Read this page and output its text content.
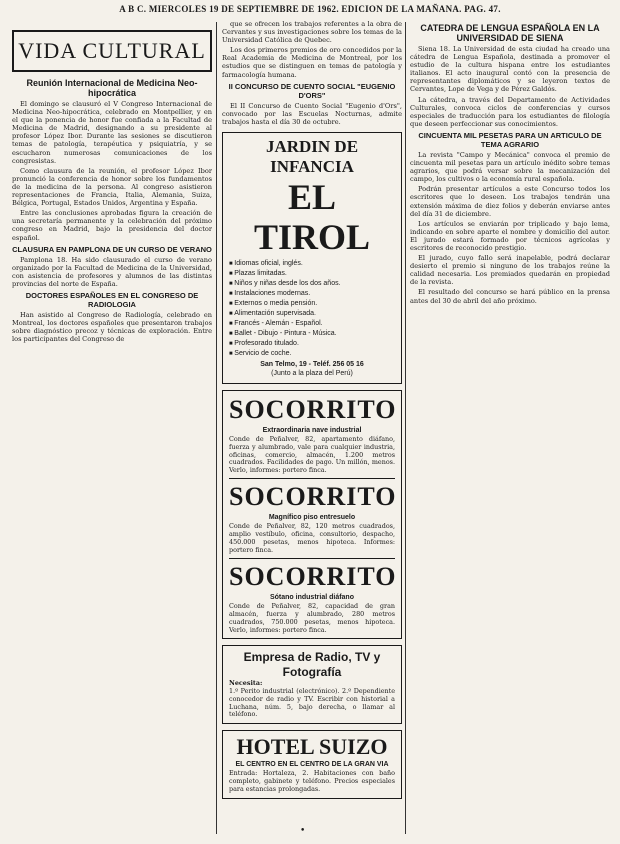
A B C. MIERCOLES 19 DE SEPTIEMBRE DE 1962. EDICION DE LA MAÑANA. PAG. 47.
VIDA CULTURAL
Reunión Internacional de Medicina Neo-hipocrática

El domingo se clausuró el V Congreso Internacional de Medicina Neo-hipocrática, celebrado en Montpellier, y en el que la ponencia de honor fue confiada a la Facultad de Medicina de Madrid, designando a su presidente al profesor López Ibor. Durante las sesiones se discutieron temas de patología, terapéutica y psiquiatría, y se escucharon numerosas comunicaciones de los congresistas.

Como clausura de la reunión, el profesor López Ibor pronunció la conferencia de honor sobre los fundamentos de la medicina de la persona. Al congreso asistieron representaciones de Francia, Italia, Alemania, Suiza, Bélgica, Portugal, Estados Unidos, Argentina y España.

Entre las conclusiones aprobadas figura la creación de una secretaría permanente y la celebración del próximo congreso en Madrid, bajo la presidencia del doctor español.

CLAUSURA EN PAMPLONA DE UN CURSO DE VERANO

Pamplona 18. Ha sido clausurado el curso de verano organizado por la Facultad de Medicina de la Universidad, con asistencia de profesores y alumnos de las distintas provincias del norte de España.

DOCTORES ESPAÑOLES EN EL CONGRESO DE RADIOLOGIA

Han asistido al Congreso de Radiología, celebrado en Montreal, los doctores españoles que presentaron trabajos sobre diagnóstico precoz y técnicas de exploración. Entre los participantes del Congreso de

que se ofrecen los trabajos referentes a la obra de Cervantes y sus investigaciones sobre los temas de la Universidad Católica de Quebec.

Los dos primeros premios de oro concedidos por la Real Academia de Medicina de Montreal, por los estudios que se distinguen en temas de patología y farmacología humana.

II CONCURSO DE CUENTO SOCIAL "EUGENIO D'ORS"

El II Concurso de Cuento Social "Eugenio d'Ors", convocado por las Escuelas Nocturnas, admite trabajos hasta el día 30 de octubre.

JARDIN DE INFANCIA
EL TIROL
■ Idiomas oficial, inglés.
■ Plazas limitadas.
■ Niños y niñas desde los dos años.
■ Instalaciones modernas.
■ Externos o media pensión.
■ Alimentación supervisada.
■ Francés - Alemán - Español.
■ Ballet - Dibujo - Pintura - Música.
■ Profesorado titulado.
■ Servicio de coche.
San Telmo, 19 - Teléf. 256 05 16
(Junto a la plaza del Perú)
SOCORRITO
Extraordinaria nave industrial
Conde de Peñalver, 82, apartamento diáfano, fuerza y alumbrado, vale para cualquier industria, oficinas, comercio, almacén, 1.200 metros cuadrados. Facilidades de pago. Un millón, menos. Verlo, informes: portero finca.
SOCORRITO
Magnífico piso entresuelo
Conde de Peñalver, 82, 120 metros cuadrados, amplio vestíbulo, oficina, consultorio, despacho, 450.000 pesetas, menos hipoteca. Informes: portero finca.
SOCORRITO
Sótano industrial diáfano
Conde de Peñalver, 82, capacidad de gran almacén, fuerza y alumbrado, 280 metros cuadrados, 750.000 pesetas, menos hipoteca. Verlo, informes: portero finca.
Empresa de Radio, TV y Fotografía
Necesita:
1.º Perito industrial (electrónico). 2.º Dependiente conocedor de radio y TV. Escribir con historial a Luchana, núm. 5, bajo derecha, o llamar al teléfono.
HOTEL SUIZO
EL CENTRO EN EL CENTRO DE LA GRAN VIA
Entrada: Hortaleza, 2. Habitaciones con baño completo, gabinete y teléfono. Precios especiales para estancias prolongadas.
CATEDRA DE LENGUA ESPAÑOLA EN LA UNIVERSIDAD DE SIENA

Siena 18. La Universidad de esta ciudad ha creado una cátedra de Lengua Española, destinada a promover el estudio de la cultura hispana entre los estudiantes italianos. El acto inaugural contó con la presencia de representantes diplomáticos y se leyeron textos de Cervantes, Lope de Vega y de Pérez Galdós.

La cátedra, a través del Departamento de Actividades Culturales, convoca ciclos de conferencias y cursos especiales de traducción para los estudiantes de filología que deseen perfeccionar sus conocimientos.

CINCUENTA MIL PESETAS PARA UN ARTICULO DE TEMA AGRARIO

La revista "Campo y Mecánica" convoca el premio de cincuenta mil pesetas para un artículo inédito sobre temas agrarios, que podrá versar sobre la mecanización del campo, los cultivos o la economía rural española.

Podrán presentar artículos a este Concurso todos los escritores que lo deseen. Los trabajos tendrán una extensión máxima de diez folios y deberán enviarse antes del día 31 de diciembre.

Los artículos se enviarán por triplicado y bajo lema, indicando en sobre aparte el nombre y domicilio del autor. El jurado estará formado por técnicos agrícolas y escritores de reconocido prestigio.

El jurado, cuyo fallo será inapelable, podrá declarar desierto el premio si ninguno de los trabajos reúne la calidad necesaria. Los premiados quedarán en propiedad de la revista.

El resultado del concurso se hará público en la prensa antes del 30 de abril del año próximo.

•
